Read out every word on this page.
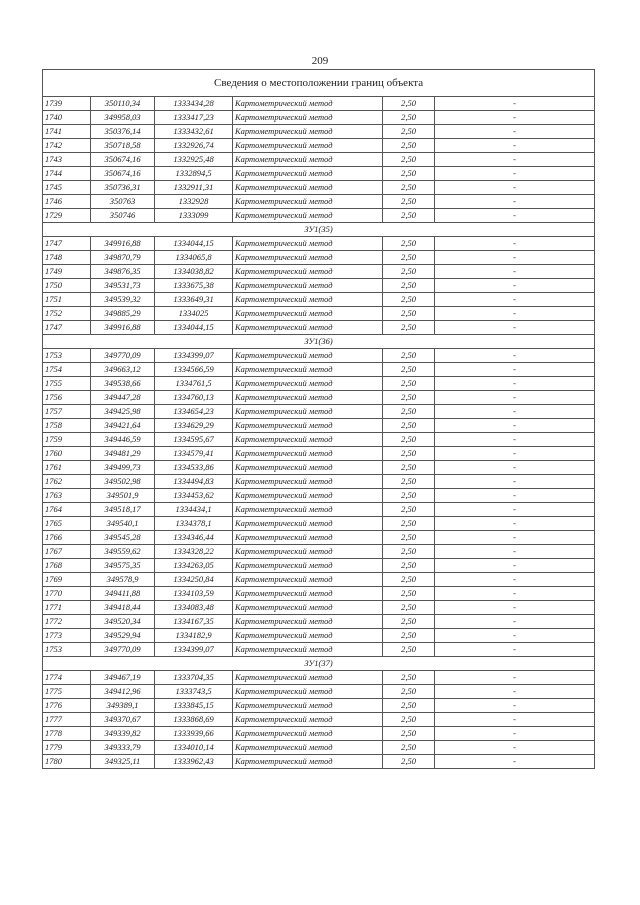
209
Сведения о местоположении границ объекта					
1739	350110,34	1333434,28	Картометрический метод	2,50	-
1740	349958,03	1333417,23	Картометрический метод	2,50	-
1741	350376,14	1333432,61	Картометрический метод	2,50	-
1742	350718,58	1332926,74	Картометрический метод	2,50	-
1743	350674,16	1332925,48	Картометрический метод	2,50	-
1744	350674,16	1332894,5	Картометрический метод	2,50	-
1745	350736,31	1332911,31	Картометрический метод	2,50	-
1746	350763	1332928	Картометрический метод	2,50	-
1729	350746	1333099	Картометрический метод	2,50	-
ЗУ1(35)					
1747	349916,88	1334044,15	Картометрический метод	2,50	-
1748	349870,79	1334065,8	Картометрический метод	2,50	-
1749	349876,35	1334038,82	Картометрический метод	2,50	-
1750	349531,73	1333675,38	Картометрический метод	2,50	-
1751	349539,32	1333649,31	Картометрический метод	2,50	-
1752	349885,29	1334025	Картометрический метод	2,50	-
1747	349916,88	1334044,15	Картометрический метод	2,50	-
ЗУ1(36)					
1753	349770,09	1334399,07	Картометрический метод	2,50	-
1754	349663,12	1334566,59	Картометрический метод	2,50	-
1755	349538,66	1334761,5	Картометрический метод	2,50	-
1756	349447,28	1334760,13	Картометрический метод	2,50	-
1757	349425,98	1334654,23	Картометрический метод	2,50	-
1758	349421,64	1334629,29	Картометрический метод	2,50	-
1759	349446,59	1334595,67	Картометрический метод	2,50	-
1760	349481,29	1334579,41	Картометрический метод	2,50	-
1761	349499,73	1334533,86	Картометрический метод	2,50	-
1762	349502,98	1334494,83	Картометрический метод	2,50	-
1763	349501,9	1334453,62	Картометрический метод	2,50	-
1764	349518,17	1334434,1	Картометрический метод	2,50	-
1765	349540,1	1334378,1	Картометрический метод	2,50	-
1766	349545,28	1334346,44	Картометрический метод	2,50	-
1767	349559,62	1334328,22	Картометрический метод	2,50	-
1768	349575,35	1334263,05	Картометрический метод	2,50	-
1769	349578,9	1334250,84	Картометрический метод	2,50	-
1770	349411,88	1334103,59	Картометрический метод	2,50	-
1771	349418,44	1334083,48	Картометрический метод	2,50	-
1772	349520,34	1334167,35	Картометрический метод	2,50	-
1773	349529,94	1334182,9	Картометрический метод	2,50	-
1753	349770,09	1334399,07	Картометрический метод	2,50	-
ЗУ1(37)					
1774	349467,19	1333704,35	Картометрический метод	2,50	-
1775	349412,96	1333743,5	Картометрический метод	2,50	-
1776	349389,1	1333845,15	Картометрический метод	2,50	-
1777	349370,67	1333868,69	Картометрический метод	2,50	-
1778	349339,82	1333939,66	Картометрический метод	2,50	-
1779	349333,79	1334010,14	Картометрический метод	2,50	-
1780	349325,11	1333962,43	Картометрический метод	2,50	-
